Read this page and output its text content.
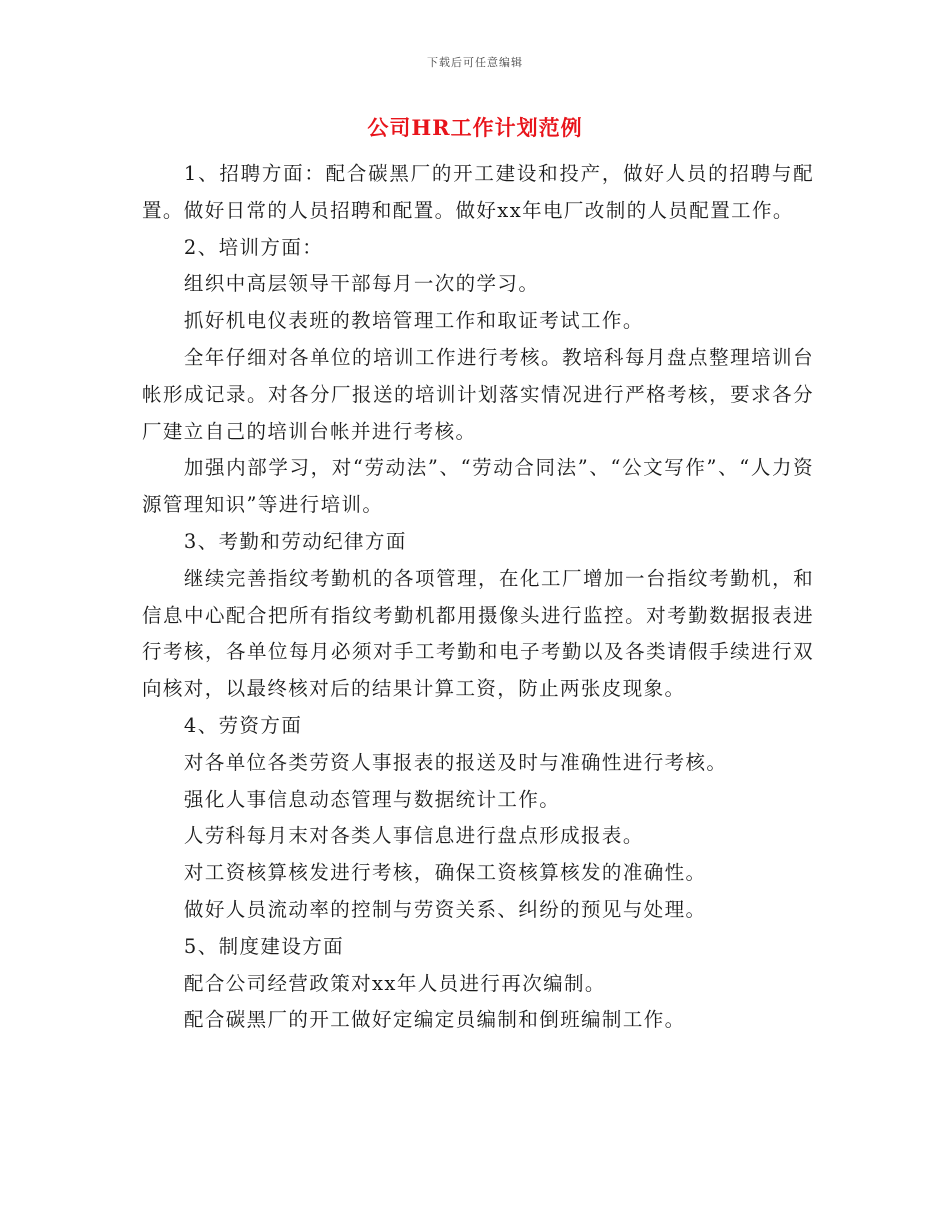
下载后可任意编辑
公司HR工作计划范例

1、招聘方面：配合碳黑厂的开工建设和投产，做好人员的招聘与配置。做好日常的人员招聘和配置。做好xx年电厂改制的人员配置工作。

2、培训方面：

组织中高层领导干部每月一次的学习。

抓好机电仪表班的教培管理工作和取证考试工作。

全年仔细对各单位的培训工作进行考核。教培科每月盘点整理培训台帐形成记录。对各分厂报送的培训计划落实情况进行严格考核，要求各分厂建立自己的培训台帐并进行考核。

加强内部学习，对“劳动法”、“劳动合同法”、“公文写作”、“人力资源管理知识”等进行培训。

3、考勤和劳动纪律方面

继续完善指纹考勤机的各项管理，在化工厂增加一台指纹考勤机，和信息中心配合把所有指纹考勤机都用摄像头进行监控。对考勤数据报表进行考核，各单位每月必须对手工考勤和电子考勤以及各类请假手续进行双向核对，以最终核对后的结果计算工资，防止两张皮现象。

4、劳资方面

对各单位各类劳资人事报表的报送及时与准确性进行考核。

强化人事信息动态管理与数据统计工作。

人劳科每月末对各类人事信息进行盘点形成报表。

对工资核算核发进行考核，确保工资核算核发的准确性。

做好人员流动率的控制与劳资关系、纠纷的预见与处理。

5、制度建设方面

配合公司经营政策对xx年人员进行再次编制。

配合碳黑厂的开工做好定编定员编制和倒班编制工作。
